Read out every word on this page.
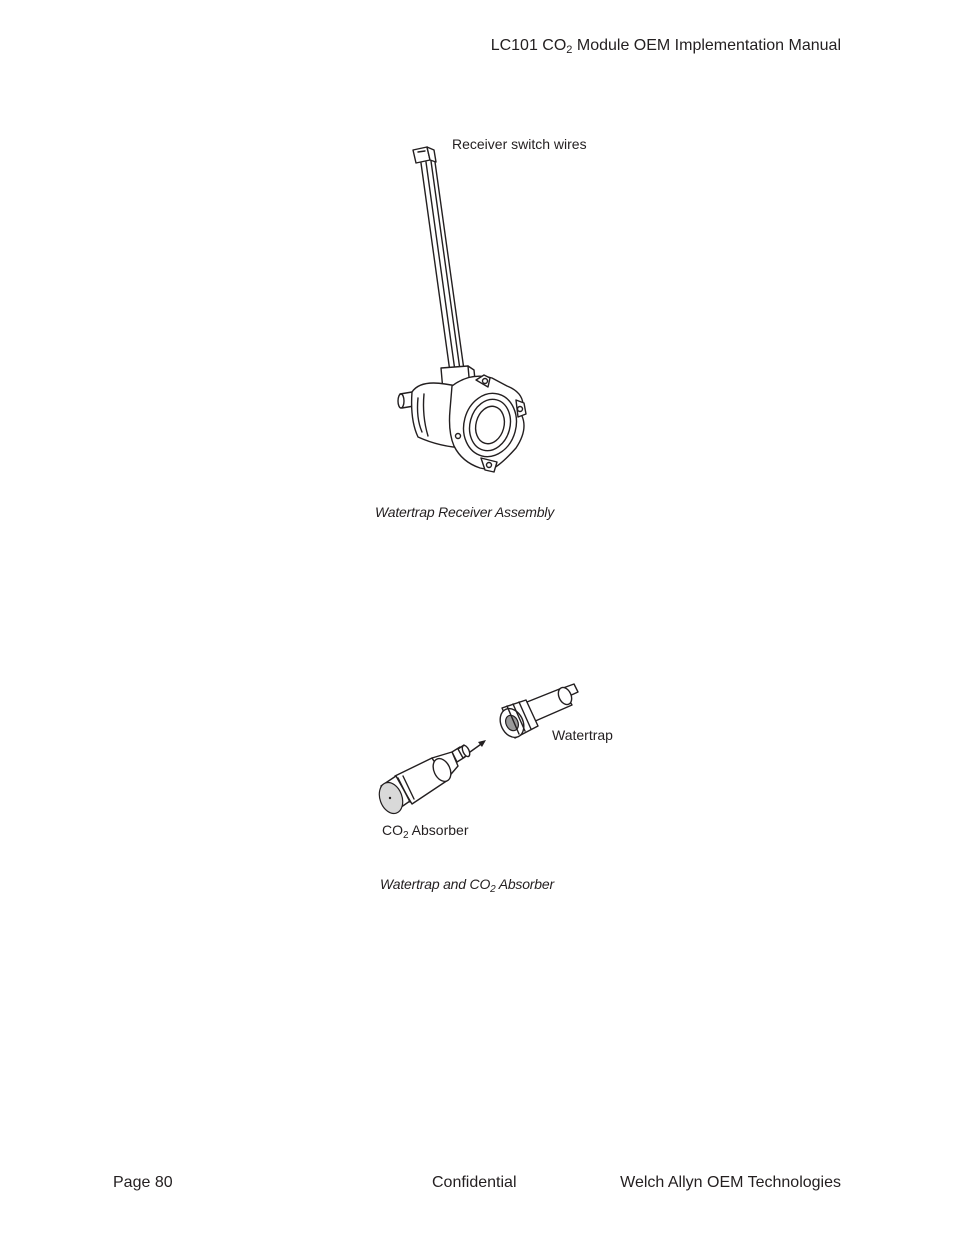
LC101 $CO_2$ Module OEM Implementation Manual
Receiver switch wires
Watertrap Receiver Assembly
Watertrap
$CO_2$ Absorber
Watertrap and $CO_2$ Absorber
Page 80	Confidential	Welch Allyn OEM Technologies
